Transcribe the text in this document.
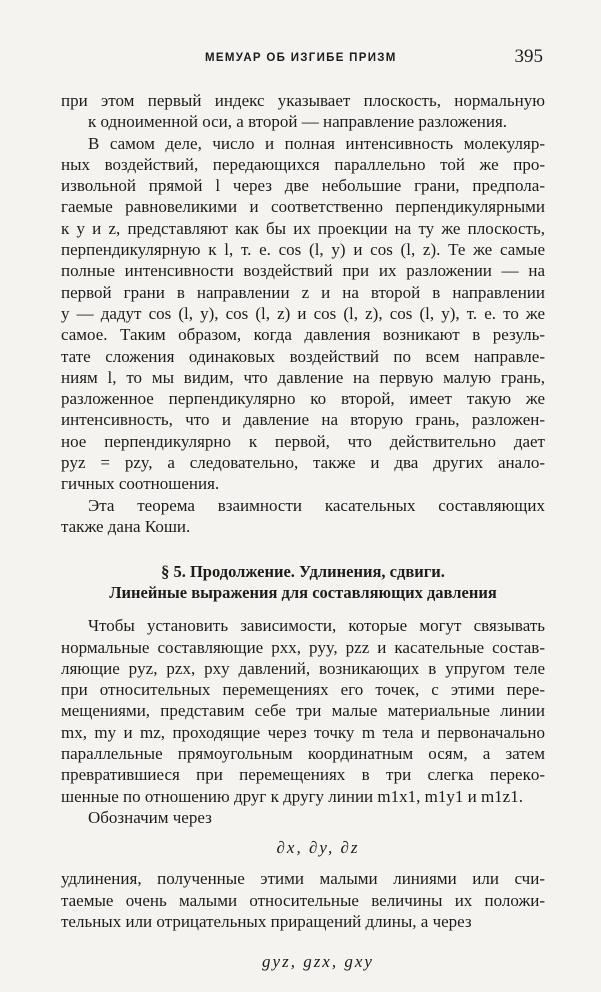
МЕМУАР ОБ ИЗГИБЕ ПРИЗМ	395
при этом первый индекс указывает плоскость, нормальную
к одноименной оси, а второй — направление разложения.
В самом деле, число и полная интенсивность молекуляр-
ных воздействий, передающихся параллельно той же про-
извольной прямой l через две небольшие грани, предпола-
гаемые равновеликими и соответственно перпендикулярными
к y и z, представляют как бы их проекции на ту же плоскость,
перпендикулярную к l, т. е. cos (l, y) и cos (l, z). Те же самые
полные интенсивности воздействий при их разложении — на
первой грани в направлении z и на второй в направлении
y — дадут cos (l, y), cos (l, z) и cos (l, z), cos (l, y), т. е. то же
самое. Таким образом, когда давления возникают в резуль-
тате сложения одинаковых воздействий по всем направле-
ниям l, то мы видим, что давление на первую малую грань,
разложенное перпендикулярно ко второй, имеет такую же
интенсивность, что и давление на вторую грань, разложен-
ное перпендикулярно к первой, что действительно дает
pyz = pzy, а следовательно, также и два других анало-
гичных соотношения.
Эта теорема взаимности касательных составляющих
также дана Коши.
§ 5. Продолжение. Удлинения, сдвиги.
Линейные выражения для составляющих давления
Чтобы установить зависимости, которые могут связывать
нормальные составляющие pxx, pyy, pzz и касательные состав-
ляющие pyz, pzx, pxy давлений, возникающих в упругом теле
при относительных перемещениях его точек, с этими пере-
мещениями, представим себе три малые материальные линии
mx, my и mz, проходящие через точку m тела и первоначально
параллельные прямоугольным координатным осям, а затем
превратившиеся при перемещениях в три слегка перекo-
шенные по отношению друг к другу линии m1x1, m1y1 и m1z1.
Обозначим через
∂x, ∂y, ∂z
удлинения, полученные этими малыми линиями или счи-
таемые очень малыми относительные величины их положи-
тельных или отрицательных приращений длины, а через
gyz, gzx, gxy
